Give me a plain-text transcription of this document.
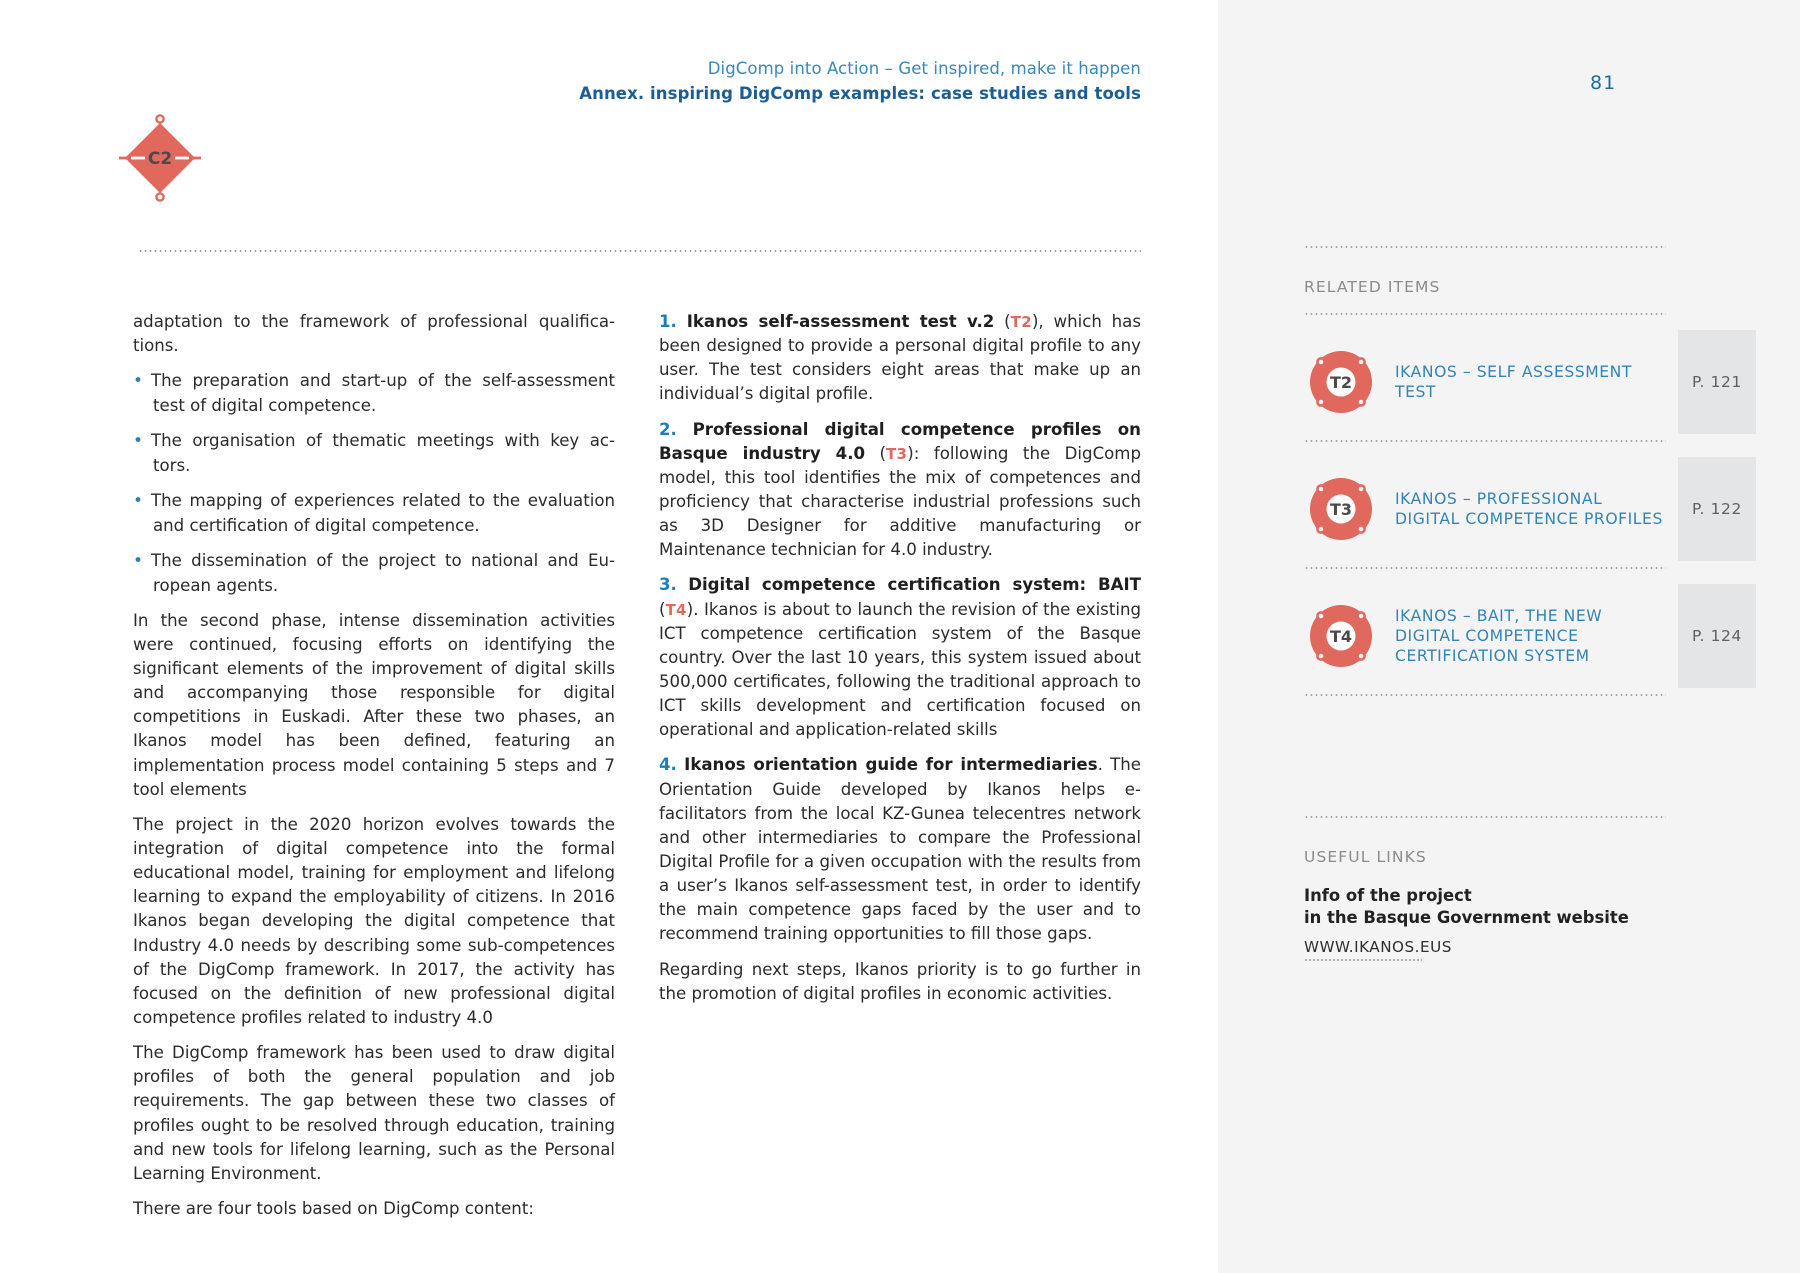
DigComp into Action – Get inspired, make it happen
Annex. inspiring DigComp examples: case studies and tools	81
C2

adaptation to the framework of professional qualifica-tions.

• The preparation and start-up of the self-assessment test of digital competence.

• The organisation of thematic meetings with key ac-tors.

• The mapping of experiences related to the evaluation and certification of digital competence.

• The dissemination of the project to national and Eu-ropean agents.

In the second phase, intense dissemination activities were continued, focusing efforts on identifying the significant elements of the improvement of digital skills and accompanying those responsible for digital competitions in Euskadi. After these two phases, an Ikanos model has been defined, featuring an implementation process model containing 5 steps and 7 tool elements

The project in the 2020 horizon evolves towards the integration of digital competence into the formal educational model, training for employment and lifelong learning to expand the employability of citizens. In 2016 Ikanos began developing the digital competence that Industry 4.0 needs by describing some sub-competences of the DigComp framework. In 2017, the activity has focused on the definition of new professional digital competence profiles related to industry 4.0

The DigComp framework has been used to draw digital profiles of both the general population and job requirements. The gap between these two classes of profiles ought to be resolved through education, training and new tools for lifelong learning, such as the Personal Learning Environment.

There are four tools based on DigComp content:

1. Ikanos self-assessment test v.2 (T2), which has been designed to provide a personal digital profile to any user. The test considers eight areas that make up an individual’s digital profile.

2. Professional digital competence profiles on Basque industry 4.0 (T3): following the DigComp model, this tool identifies the mix of competences and proficiency that characterise industrial professions such as 3D Designer for additive manufacturing or Maintenance technician for 4.0 industry.

3. Digital competence certification system: BAIT (T4). Ikanos is about to launch the revision of the existing ICT competence certification system of the Basque country. Over the last 10 years, this system issued about 500,000 certificates, following the traditional approach to ICT skills development and certification focused on operational and application-related skills

4. Ikanos orientation guide for intermediaries. The Orientation Guide developed by Ikanos helps e-facilitators from the local KZ-Gunea telecentres network and other intermediaries to compare the Professional Digital Profile for a given occupation with the results from a user’s Ikanos self-assessment test, in order to identify the main competence gaps faced by the user and to recommend training opportunities to fill those gaps.

Regarding next steps, Ikanos priority is to go further in the promotion of digital profiles in economic activities.

RELATED ITEMS
T2
IKANOS – SELF ASSESSMENT TEST
P. 121
T3
IKANOS – PROFESSIONAL DIGITAL COMPETENCE PROFILES
P. 122
T4
IKANOS – BAIT, THE NEW DIGITAL COMPETENCE CERTIFICATION SYSTEM
P. 124
USEFUL LINKS
Info of the project
in the Basque Government website
WWW.IKANOS.EUS
